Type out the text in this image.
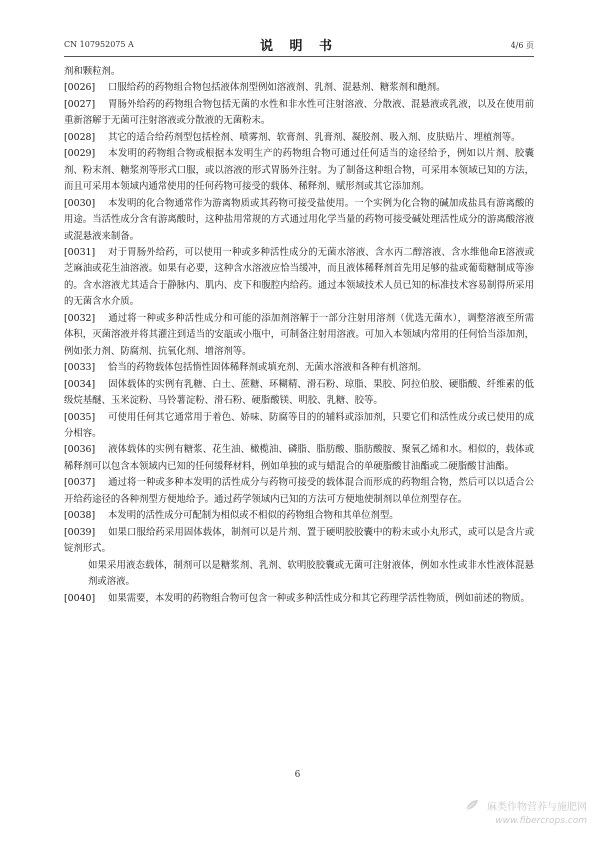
CN 107952075 A	说 明 书	4/6 页

剂和颗粒剂。

[0026] 口服给药的药物组合物包括液体剂型例如溶液剂、乳剂、混悬剂、糖浆剂和酏剂。

[0027] 胃肠外给药的药物组合物包括无菌的水性和非水性可注射溶液、分散液、混悬液或乳液，以及在使用前重新溶解于无菌可注射溶液或分散液的无菌粉末。

[0028] 其它的适合给药剂型包括栓剂、喷雾剂、软膏剂、乳膏剂、凝胶剂、吸入剂、皮肤贴片、埋植剂等。

[0029] 本发明的药物组合物或根据本发明生产的药物组合物可通过任何适当的途径给予，例如以片剂、胶囊剂、粉末剂、糖浆剂等形式口服，或以溶液的形式胃肠外注射。为了制备这种组合物，可采用本领域已知的方法，而且可采用本领域内通常使用的任何药物可接受的载体、稀释剂、赋形剂或其它添加剂。

[0030] 本发明的化合物通常作为游离物质或其药物可接受盐使用。一个实例为化合物的碱加成盐具有游离酸的用途。当活性成分含有游离酸时，这种盐用常规的方式通过用化学当量的药物可接受碱处理活性成分的游离酸溶液或混悬液来制备。

[0031] 对于胃肠外给药，可以使用一种或多种活性成分的无菌水溶液、含水丙二醇溶液、含水维他命E溶液或芝麻油或花生油溶液。如果有必要，这种含水溶液应恰当缓冲，而且液体稀释剂首先用足够的盐或葡萄糖制成等渗的。含水溶液尤其适合于静脉内、肌内、皮下和腹腔内给药。通过本领域技术人员已知的标准技术容易制得所采用的无菌含水介质。

[0032] 通过将一种或多种活性成分和可能的添加剂溶解于一部分注射用溶剂（优选无菌水），调整溶液至所需体积，灭菌溶液并将其灌注到适当的安瓿或小瓶中，可制备注射用溶液。可加入本领域内常用的任何恰当添加剂，例如张力剂、防腐剂、抗氧化剂、增溶剂等。

[0033] 恰当的药物载体包括惰性固体稀释剂或填充剂、无菌水溶液和各种有机溶剂。

[0034] 固体载体的实例有乳糖、白土、蔗糖、环糊精、滑石粉、琼脂、果胶、阿拉伯胶、硬脂酸、纤维素的低级烷基醚、玉米淀粉、马铃薯淀粉、滑石粉、硬脂酸镁、明胶、乳糖、胶等。

[0035] 可使用任何其它通常用于着色、娇味、防腐等目的的辅料或添加剂，只要它们和活性成分或已使用的成分相容。

[0036] 液体载体的实例有糖浆、花生油、橄榄油、磷脂、脂肪酸、脂肪酸胺、聚氧乙烯和水。相似的，载体或稀释剂可以包含本领域内已知的任何缓释材料，例如单独的或与蜡混合的单硬脂酸甘油酯或二硬脂酸甘油酯。

[0037] 通过将一种或多种本发明的活性成分与药物可接受的载体混合而形成的药物组合物，然后可以以适合公开给药途径的各种剂型方便地给予。通过药学领域内已知的方法可方便地使制剂以单位剂型存在。

[0038] 本发明的活性成分可配制为相似或不相似的药物组合物和其单位剂型。

[0039] 如果口服给药采用固体载体，制剂可以是片剂、置于硬明胶胶囊中的粉末或小丸形式，或可以是含片或锭剂形式。

如果采用液态载体，制剂可以是糖浆剂、乳剂、软明胶胶囊或无菌可注射液体，例如水性或非水性液体混悬剂或溶液。

[0040] 如果需要，本发明的药物组合物可包含一种或多种活性成分和其它药理学活性物质，例如前述的物质。

6
麻类作物营养与施肥网
www.fibercrops.com
